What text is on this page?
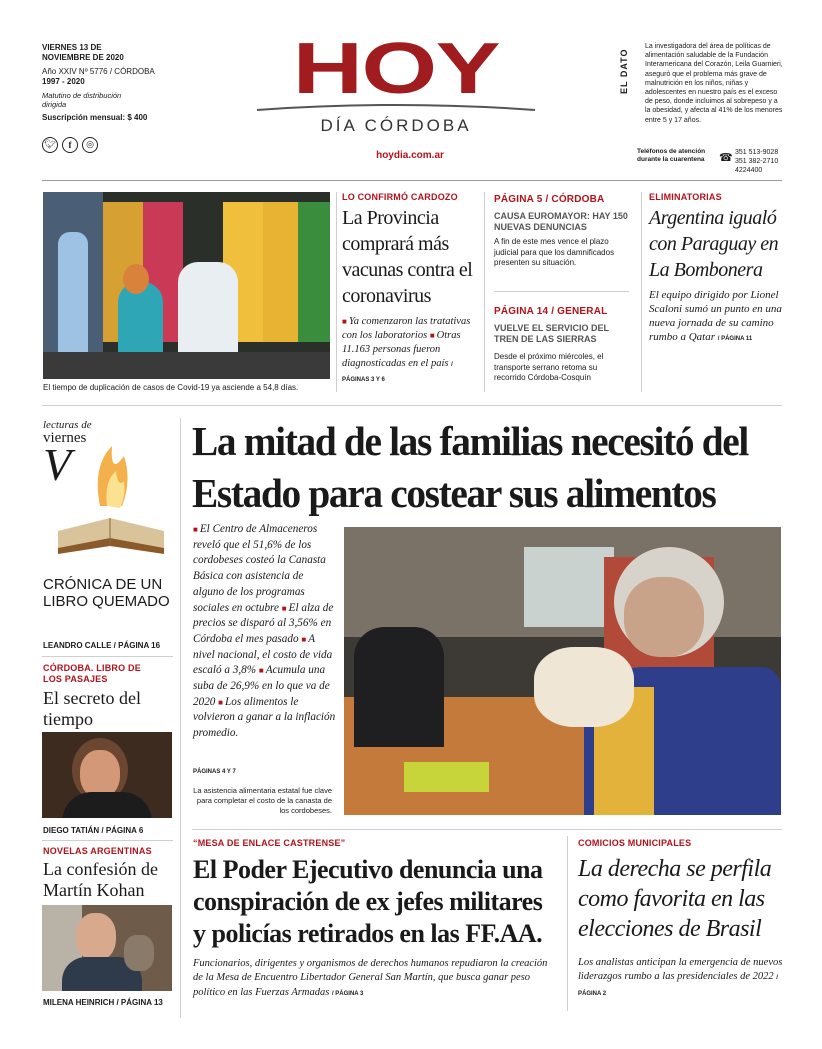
VIERNES 13 DE NOVIEMBRE DE 2020
Año XXIV Nº 5776 / CÓRDOBA
1997 - 2020
Matutino de distribución dirigida
Suscripción mensual: $ 400
🐦︎	f	◎
HOY
DÍA CÓRDOBA
hoydia.com.ar
EL DATO
La investigadora del área de políticas de alimentación saludable de la Fundación Interamericana del Corazón, Leila Guarnieri, aseguró que el problema más grave de malnutrición en los niños, niñas y adolescentes en nuestro país es el exceso de peso, donde incluimos al sobrepeso y a la obesidad, y afecta al 41% de los menores entre 5 y 17 años.
Teléfonos de atención durante la cuarentena	☎ 351 513-9028
351 382-2710
4224400
El tiempo de duplicación de casos de Covid-19 ya asciende a 54,8 días.
LO CONFIRMÓ CARDOZO
La Provincia comprará más vacunas contra el coronavirus
■ Ya comenzaron las tratativas con los laboratorios ■ Otras 11.163 personas fueron diagnosticadas en el país / PÁGINAS 3 Y 6
PÁGINA 5 / CÓRDOBA
CAUSA EUROMAYOR: HAY 150 NUEVAS DENUNCIAS
A fin de este mes vence el plazo judicial para que los damnificados presenten su situación.
PÁGINA 14 / GENERAL
VUELVE EL SERVICIO DEL TREN DE LAS SIERRAS
Desde el próximo miércoles, el transporte serrano retoma su recorrido Córdoba-Cosquín
ELIMINATORIAS
Argentina igualó con Paraguay en La Bombonera
El equipo dirigido por Lionel Scaloni sumó un punto en una nueva jornada de su camino rumbo a Qatar / PÁGINA 11
lecturas de
viernes
V
CRÓNICA DE UN LIBRO QUEMADO
LEANDRO CALLE / PÁGINA 16
CÓRDOBA. LIBRO DE LOS PASAJES
El secreto del tiempo
DIEGO TATIÁN / PÁGINA 6
NOVELAS ARGENTINAS
La confesión de Martín Kohan
MILENA HEINRICH / PÁGINA 13
La mitad de las familias necesitó del Estado para costear sus alimentos
■ El Centro de Almaceneros reveló que el 51,6% de los cordobeses costeó la Canasta Básica con asistencia de alguno de los programas sociales en octubre ■ El alza de precios se disparó al 3,56% en Córdoba el mes pasado ■ A nivel nacional, el costo de vida escaló a 3,8% ■ Acumula una suba de 26,9% en lo que va de 2020 ■ Los alimentos le volvieron a ganar a la inflación promedio.
PÁGINAS 4 Y 7
La asistencia alimentaria estatal fue clave para completar el costo de la canasta de los cordobeses.
“MESA DE ENLACE CASTRENSE”
El Poder Ejecutivo denuncia una conspiración de ex jefes militares y policías retirados en las FF.AA.
Funcionarios, dirigentes y organismos de derechos humanos repudiaron la creación de la Mesa de Encuentro Libertador General San Martín, que busca ganar peso político en las Fuerzas Armadas / PÁGINA 3
COMICIOS MUNICIPALES
La derecha se perfila como favorita en las elecciones de Brasil
Los analistas anticipan la emergencia de nuevos liderazgos rumbo a las presidenciales de 2022 / PÁGINA 2
